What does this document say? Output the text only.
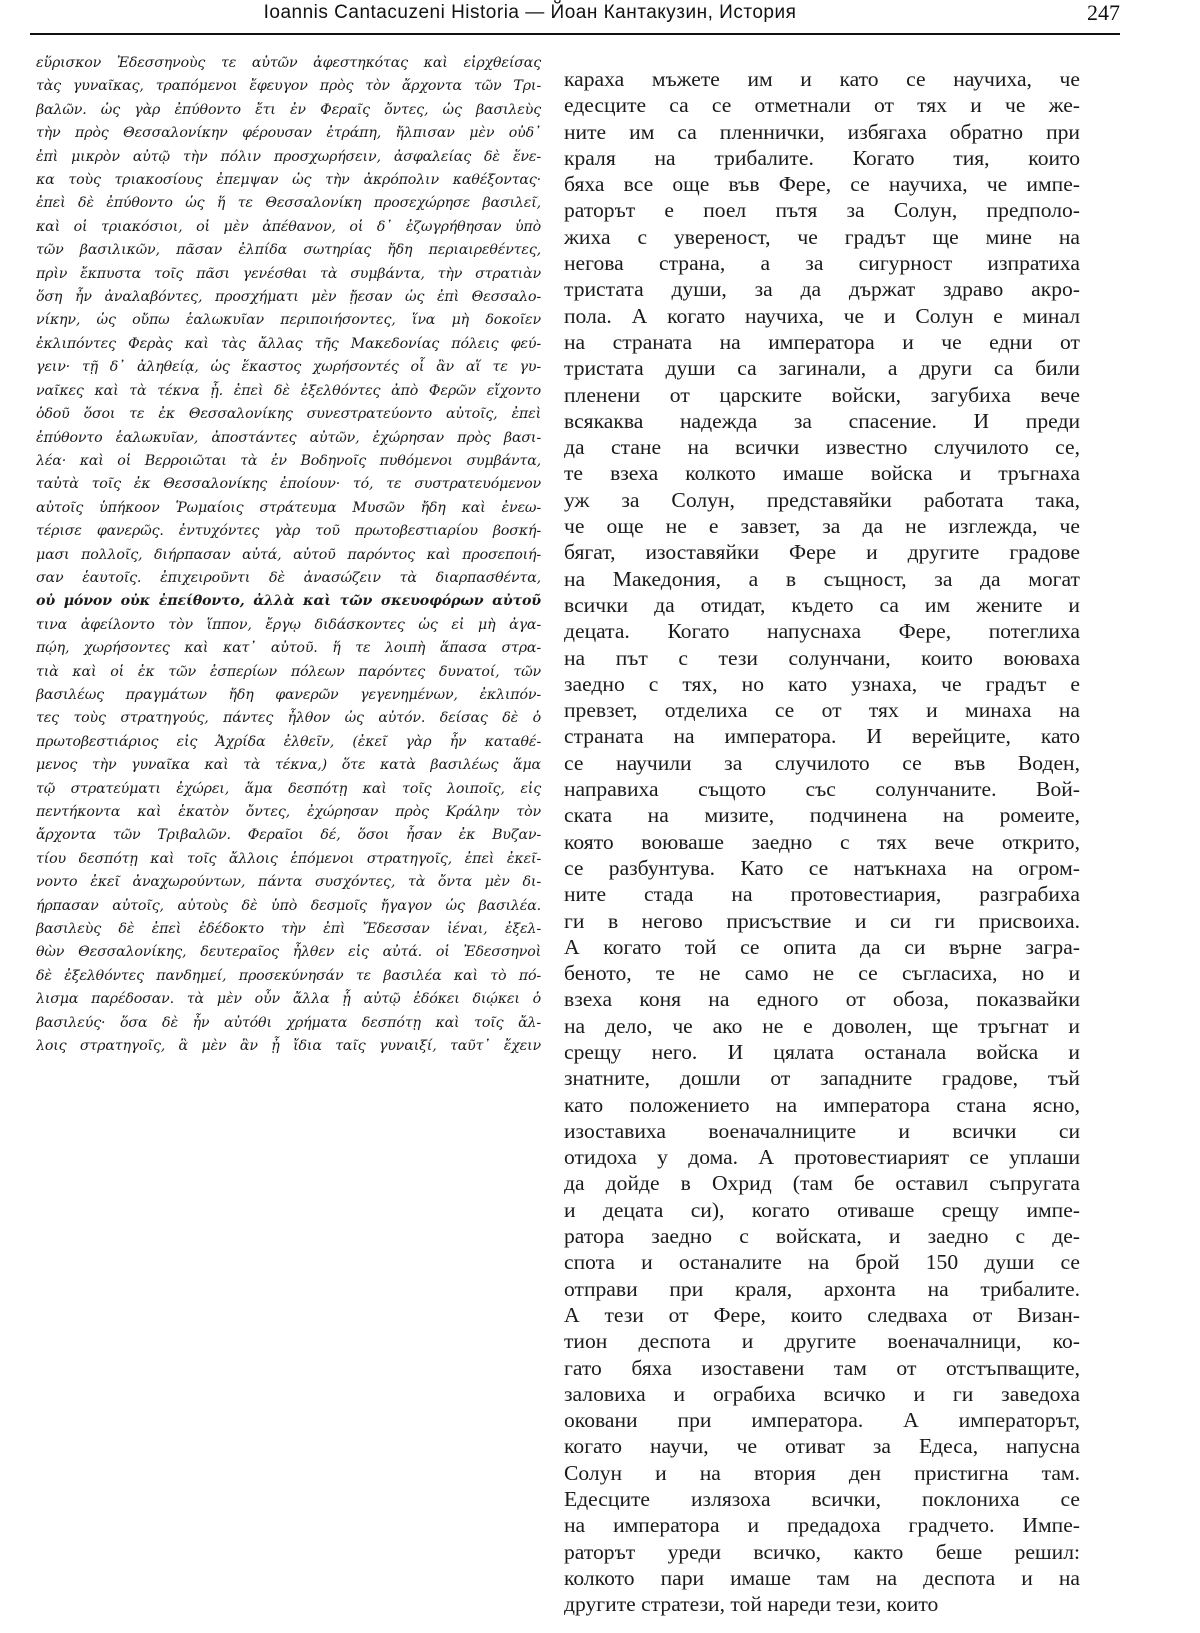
Ioannis Cantacuzeni Historia — Йоан Кантакузин, История	247
εὕρισκον Ἐδεσσηνοὺς τε αὐτῶν ἀφεστηκότας καὶ εἰρχθείσας
τὰς γυναῖκας, τραπόμενοι ἔφευγον πρὸς τὸν ἄρχοντα τῶν Τρι-
βαλῶν. ὡς γὰρ ἐπύθοντο ἔτι ἐν Φεραῖς ὄντες, ὡς βασιλεὺς
τὴν πρὸς Θεσσαλονίκην φέρουσαν ἐτράπη, ἤλπισαν μὲν οὐδ᾽
ἐπὶ μικρὸν αὐτῷ τὴν πόλιν προσχωρήσειν, ἀσφαλείας δὲ ἕνε-
κα τοὺς τριακοσίους ἐπεμψαν ὡς τὴν ἀκρόπολιν καθέξοντας·
ἐπεὶ δὲ ἐπύθοντο ὡς ἥ τε Θεσσαλονίκη προσεχώρησε βασιλεῖ,
καὶ οἱ τριακόσιοι, οἱ μὲν ἀπέθανον, οἱ δ᾽ ἐζωγρήθησαν ὑπὸ
τῶν βασιλικῶν, πᾶσαν ἐλπίδα σωτηρίας ἤδη περιαιρεθέντες,
πρὶν ἔκπυστα τοῖς πᾶσι γενέσθαι τὰ συμβάντα, τὴν στρατιὰν
ὅση ἦν ἀναλαβόντες, προσχήματι μὲν ᾔεσαν ὡς ἐπὶ Θεσσαλο-
νίκην, ὡς οὔπω ἑαλωκυῖαν περιποιήσοντες, ἵνα μὴ δοκοῖεν
ἐκλιπόντες Φερὰς καὶ τὰς ἄλλας τῆς Μακεδονίας πόλεις φεύ-
γειν· τῇ δ᾽ ἀληθείᾳ, ὡς ἕκαστος χωρήσοντές οἷ ἂν αἵ τε γυ-
ναῖκες καὶ τὰ τέκνα ᾖ. ἐπεὶ δὲ ἐξελθόντες ἀπὸ Φερῶν εἴχοντο
ὁδοῦ ὅσοι τε ἐκ Θεσσαλονίκης συνεστρατεύοντο αὐτοῖς, ἐπεὶ
ἐπύθοντο ἑαλωκυῖαν, ἀποστάντες αὐτῶν, ἐχώρησαν πρὸς βασι-
λέα· καὶ οἱ Βερροιῶται τὰ ἐν Βοδηνοῖς πυθόμενοι συμβάντα,
ταὐτὰ τοῖς ἐκ Θεσσαλονίκης ἐποίουν· τό, τε συστρατευόμενον
αὐτοῖς ὑπήκοον Ῥωμαίοις στράτευμα Μυσῶν ἤδη καὶ ἐνεω-
τέρισε φανερῶς. ἐντυχόντες γὰρ τοῦ πρωτοβεστιαρίου βοσκή-
μασι πολλοῖς, διήρπασαν αὐτά, αὐτοῦ παρόντος καὶ προσεποιή-
σαν ἑαυτοῖς. ἐπιχειροῦντι δὲ ἀνασώζειν τὰ διαρπασθέντα,
οὐ μόνον οὐκ ἐπείθοντο, ἀλλὰ καὶ τῶν σκευοφόρων αὐτοῦ
τινα ἀφείλοντο τὸν ἵππον, ἔργῳ διδάσκοντες ὡς εἰ μὴ ἀγα-
πῴη, χωρήσοντες καὶ κατ᾽ αὐτοῦ. ἥ τε λοιπὴ ἅπασα στρα-
τιὰ καὶ οἱ ἐκ τῶν ἑσπερίων πόλεων παρόντες δυνατοί, τῶν
βασιλέως πραγμάτων ἤδη φανερῶν γεγενημένων, ἐκλιπόν-
τες τοὺς στρατηγούς, πάντες ἦλθον ὡς αὐτόν. δείσας δὲ ὁ
πρωτοβεστιάριος εἰς Ἀχρίδα ἐλθεῖν, (ἐκεῖ γὰρ ἦν καταθέ-
μενος τὴν γυναῖκα καὶ τὰ τέκνα,) ὅτε κατὰ βασιλέως ἅμα
τῷ στρατεύματι ἐχώρει, ἅμα δεσπότῃ καὶ τοῖς λοιποῖς, εἰς
πεντήκοντα καὶ ἑκατὸν ὄντες, ἐχώρησαν πρὸς Κράλην τὸν
ἄρχοντα τῶν Τριβαλῶν. Φεραῖοι δέ, ὅσοι ἦσαν ἐκ Βυζαν-
τίου δεσπότῃ καὶ τοῖς ἄλλοις ἑπόμενοι στρατηγοῖς, ἐπεὶ ἐκεῖ-
νοντο ἐκεῖ ἀναχωρούντων, πάντα συσχόντες, τὰ ὄντα μὲν δι-
ήρπασαν αὐτοῖς, αὐτοὺς δὲ ὑπὸ δεσμοῖς ἤγαγον ὡς βασιλέα.
βασιλεὺς δὲ ἐπεὶ ἐδέδοκτο τὴν ἐπὶ Ἔδεσσαν ἰέναι, ἐξελ-
θὼν Θεσσαλονίκης, δευτεραῖος ἦλθεν εἰς αὐτά. οἱ Ἐδεσσηνοὶ
δὲ ἐξελθόντες πανδημεί, προσεκύνησάν τε βασιλέα καὶ τὸ πό-
λισμα παρέδοσαν. τὰ μὲν οὖν ἄλλα ᾗ αὐτῷ ἐδόκει διῴκει ὁ
βασιλεύς· ὅσα δὲ ἦν αὐτόθι χρήματα δεσπότῃ καὶ τοῖς ἄλ-
λοις στρατηγοῖς, ἃ μὲν ἂν ᾖ ἴδια ταῖς γυναιξί, ταῦτ᾽ ἔχειν
караха мъжете им и като се научиха, че
едесците са се отметнали от тях и че же-
ните им са пленнички, избягаха обратно при
краля на трибалите. Когато тия, които
бяха все още във Фере, се научиха, че импе-
раторът е поел пътя за Солун, предполо-
жиха с увереност, че градът ще мине на
негова страна, а за сигурност изпратиха
тристата души, за да държат здраво акро-
пола. А когато научиха, че и Солун е минал
на страната на императора и че едни от
тристата души са загинали, а други са били
пленени от царските войски, загубиха вече
всякаква надежда за спасение. И преди
да стане на всички известно случилото се,
те взеха колкото имаше войска и тръгнаха
уж за Солун, представяйки работата така,
че още не е завзет, за да не изглежда, че
бягат, изоставяйки Фере и другите градове
на Македония, а в същност, за да могат
всички да отидат, където са им жените и
децата. Когато напуснаха Фере, потеглиха
на път с тези солунчани, които воюваха
заедно с тях, но като узнаха, че градът е
превзет, отделиха се от тях и минаха на
страната на императора. И верейците, като
се научили за случилото се във Воден,
направиха същото със солунчаните. Вой-
ската на мизите, подчинена на ромеите,
която воюваше заедно с тях вече открито,
се разбунтува. Като се натъкнаха на огром-
ните стада на протовестиария, разграбиха
ги в негово присъствие и си ги присвоиха.
А когато той се опита да си върне загра-
беното, те не само не се съгласиха, но и
взеха коня на едного от обоза, показвайки
на дело, че ако не е доволен, ще тръгнат и
срещу него. И цялата останала войска и
знатните, дошли от западните градове, тъй
като положението на императора стана ясно,
изоставиха военачалниците и всички си
отидоха у дома. А протовестиарият се уплаши
да дойде в Охрид (там бе оставил съпругата
и децата си), когато отиваше срещу импе-
ратора заедно с войската, и заедно с де-
спота и останалите на брой 150 души се
отправи при краля, архонта на трибалите.
А тези от Фере, които следваха от Визан-
тион деспота и другите военачалници, ко-
гато бяха изоставени там от отстъпващите,
заловиха и ограбиха всичко и ги заведоха
оковани при императора. А императорът,
когато научи, че отиват за Едеса, напусна
Солун и на втория ден пристигна там.
Едесците излязоха всички, поклониха се
на императора и предадоха градчето. Импе-
раторът уреди всичко, както беше решил:
колкото пари имаше там на деспота и на
другите стратези, той нареди тези, които
